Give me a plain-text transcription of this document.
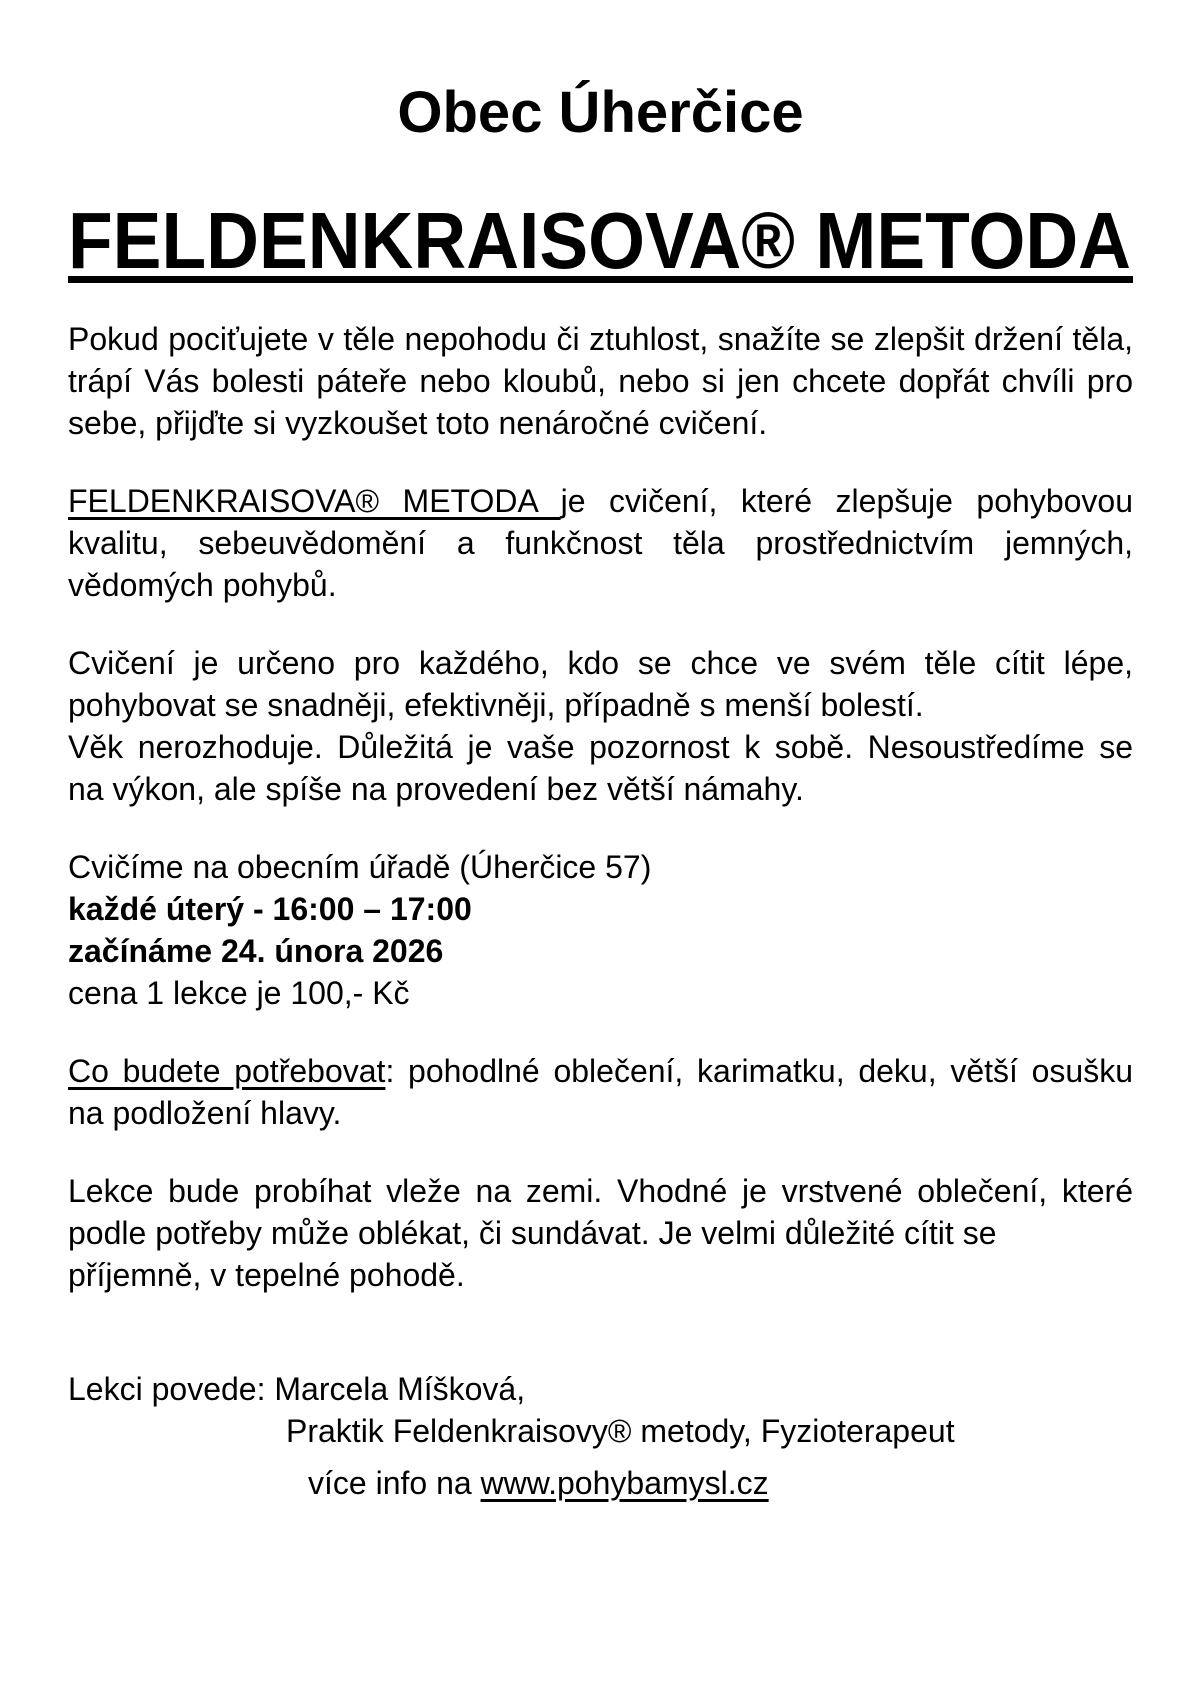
Obec Úherčice
FELDENKRAISOVA® METODA
Pokud pociťujete v těle nepohodu či ztuhlost, snažíte se zlepšit držení těla,
trápí Vás bolesti páteře nebo kloubů, nebo si jen chcete dopřát chvíli pro
sebe, přijďte si vyzkoušet toto nenáročné cvičení.
FELDENKRAISOVA® METODA je cvičení, které zlepšuje pohybovou
kvalitu, sebeuvědomění a funkčnost těla prostřednictvím jemných,
vědomých pohybů.
Cvičení je určeno pro každého, kdo se chce ve svém těle cítit lépe,
pohybovat se snadněji, efektivněji, případně s menší bolestí.
Věk nerozhoduje. Důležitá je vaše pozornost k sobě. Nesoustředíme se
na výkon, ale spíše na provedení bez větší námahy.
Cvičíme na obecním úřadě (Úherčice 57)
každé úterý - 16:00 – 17:00
začínáme 24. února 2026
cena 1 lekce je 100,- Kč
Co budete potřebovat: pohodlné oblečení, karimatku, deku, větší osušku
na podložení hlavy.
Lekce bude probíhat vleže na zemi. Vhodné je vrstvené oblečení, které
podle potřeby může oblékat, či sundávat. Je velmi důležité cítit se
příjemně, v tepelné pohodě.
Lekci povede: Marcela Míšková,
Praktik Feldenkraisovy® metody, Fyzioterapeut
více info na www.pohybamysl.cz
